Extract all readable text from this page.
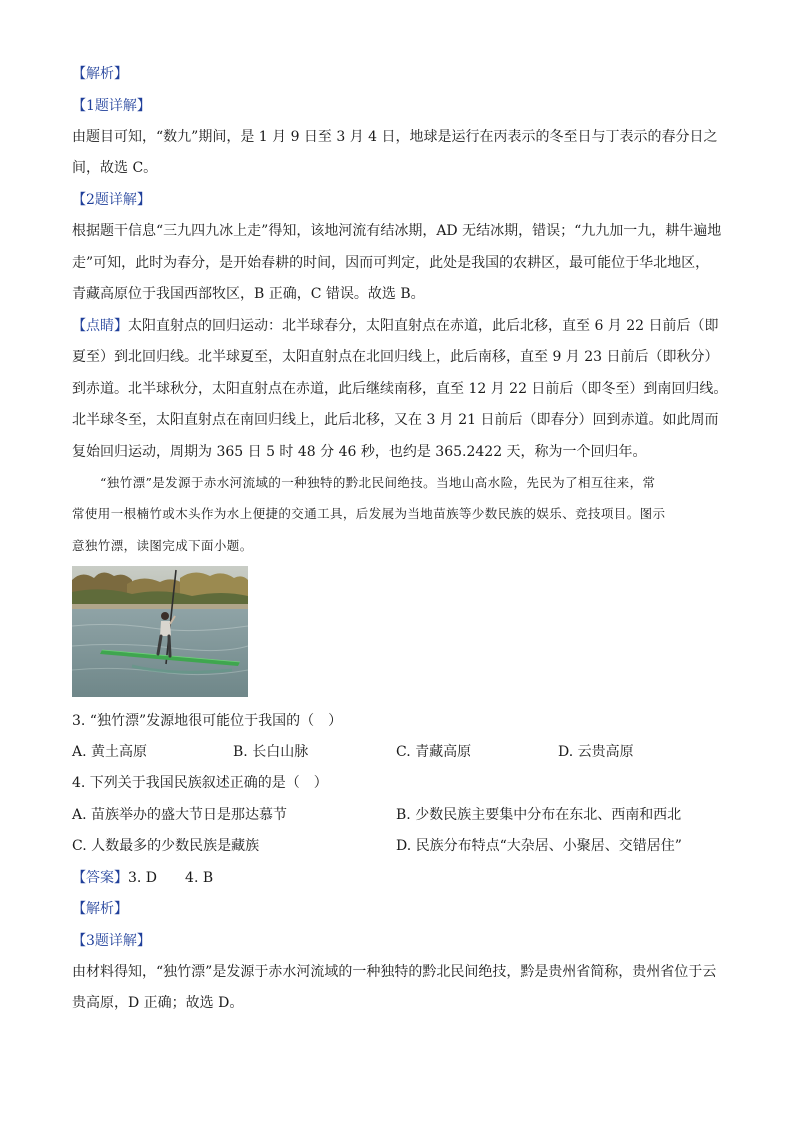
【解析】
【1题详解】
由题目可知，“数九”期间，是 1 月 9 日至 3 月 4 日，地球是运行在丙表示的冬至日与丁表示的春分日之
间，故选 C。
【2题详解】
根据题干信息“三九四九冰上走”得知，该地河流有结冰期，AD 无结冰期，错误；“九九加一九，耕牛遍地
走”可知，此时为春分，是开始春耕的时间，因而可判定，此处是我国的农耕区，最可能位于华北地区，
青藏高原位于我国西部牧区，B 正确，C 错误。故选 B。
【点睛】太阳直射点的回归运动：北半球春分，太阳直射点在赤道，此后北移，直至 6 月 22 日前后（即
夏至）到北回归线。北半球夏至，太阳直射点在北回归线上，此后南移，直至 9 月 23 日前后（即秋分）
到赤道。北半球秋分，太阳直射点在赤道，此后继续南移，直至 12 月 22 日前后（即冬至）到南回归线。
北半球冬至，太阳直射点在南回归线上，此后北移，又在 3 月 21 日前后（即春分）回到赤道。如此周而
复始回归运动，周期为 365 日 5 时 48 分 46 秒，也约是 365.2422 天，称为一个回归年。
“独竹漂”是发源于赤水河流域的一种独特的黔北民间绝技。当地山高水险，先民为了相互往来，常
常使用一根楠竹或木头作为水上便捷的交通工具，后发展为当地苗族等少数民族的娱乐、竞技项目。图示
意独竹漂，读图完成下面小题。
3. “独竹漂”发源地很可能位于我国的（　）
A. 黄土高原	B. 长白山脉	C. 青藏高原	D. 云贵高原
4. 下列关于我国民族叙述正确的是（　）
A. 苗族举办的盛大节日是那达慕节	B. 少数民族主要集中分布在东北、西南和西北
C. 人数最多的少数民族是藏族	D. 民族分布特点“大杂居、小聚居、交错居住”
【答案】3. D　　4. B
【解析】
【3题详解】
由材料得知，“独竹漂”是发源于赤水河流域的一种独特的黔北民间绝技，黔是贵州省简称，贵州省位于云
贵高原，D 正确；故选 D。
